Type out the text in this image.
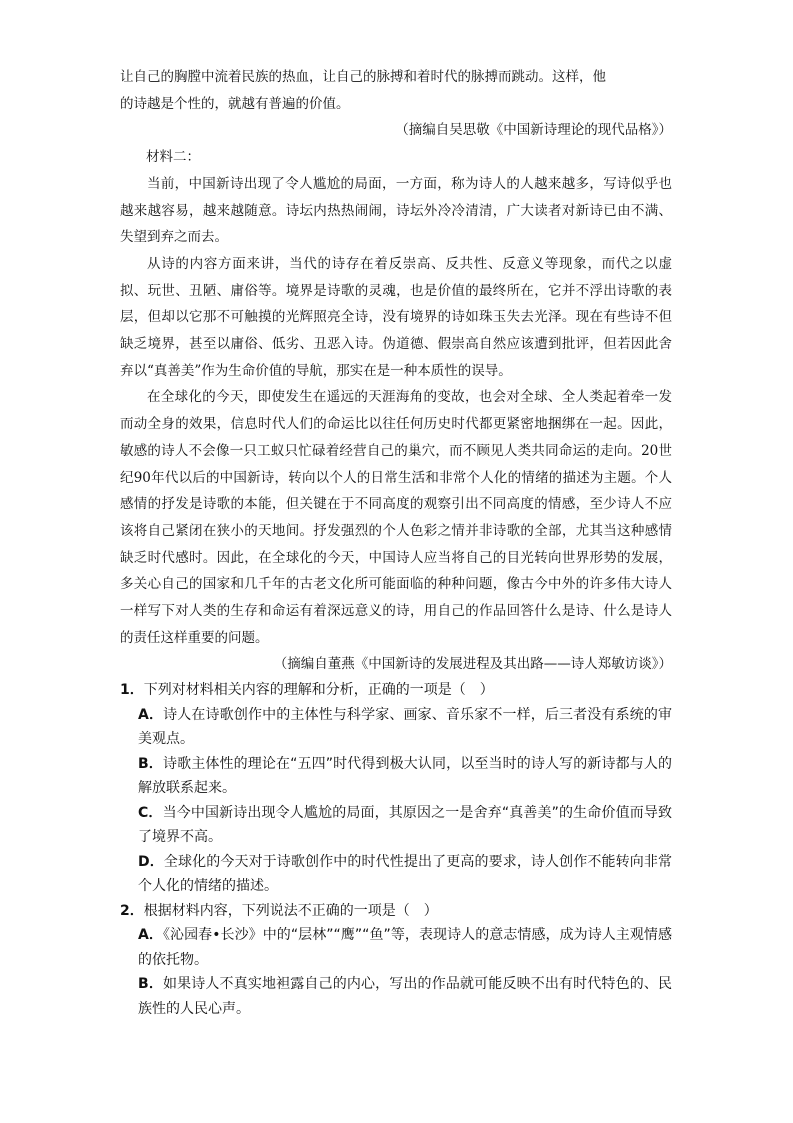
让自己的胸膛中流着民族的热血，让自己的脉搏和着时代的脉搏而跳动。这样，他

的诗越是个性的，就越有普遍的价值。

（摘编自吴思敬《中国新诗理论的现代品格》）

材料二：

当前，中国新诗出现了令人尴尬的局面，一方面，称为诗人的人越来越多，写诗似乎也越来越容易，越来越随意。诗坛内热热闹闹，诗坛外冷冷清清，广大读者对新诗已由不满、失望到弃之而去。

从诗的内容方面来讲，当代的诗存在着反崇高、反共性、反意义等现象，而代之以虚拟、玩世、丑陋、庸俗等。境界是诗歌的灵魂，也是价值的最终所在，它并不浮出诗歌的表层，但却以它那不可触摸的光辉照亮全诗，没有境界的诗如珠玉失去光泽。现在有些诗不但缺乏境界，甚至以庸俗、低劣、丑恶入诗。伪道德、假崇高自然应该遭到批评，但若因此舍弃以“真善美”作为生命价值的导航，那实在是一种本质性的误导。

在全球化的今天，即使发生在遥远的天涯海角的变故，也会对全球、全人类起着牵一发而动全身的效果，信息时代人们的命运比以往任何历史时代都更紧密地捆绑在一起。因此，敏感的诗人不会像一只工蚁只忙碌着经营自己的巢穴，而不顾见人类共同命运的走向。20世纪90年代以后的中国新诗，转向以个人的日常生活和非常个人化的情绪的描述为主题。个人感情的抒发是诗歌的本能，但关键在于不同高度的观察引出不同高度的情感，至少诗人不应该将自己紧闭在狭小的天地间。抒发强烈的个人色彩之情并非诗歌的全部，尤其当这种感情缺乏时代感时。因此，在全球化的今天，中国诗人应当将自己的目光转向世界形势的发展，多关心自己的国家和几千年的古老文化所可能面临的种种问题，像古今中外的许多伟大诗人一样写下对人类的生存和命运有着深远意义的诗，用自己的作品回答什么是诗、什么是诗人的责任这样重要的问题。

（摘编自董燕《中国新诗的发展进程及其出路——诗人郑敏访谈》）

1．下列对材料相关内容的理解和分析，正确的一项是（　）

A．诗人在诗歌创作中的主体性与科学家、画家、音乐家不一样，后三者没有系统的审美观点。

B．诗歌主体性的理论在“五四”时代得到极大认同，以至当时的诗人写的新诗都与人的解放联系起来。

C．当今中国新诗出现令人尴尬的局面，其原因之一是舍弃“真善美”的生命价值而导致了境界不高。

D．全球化的今天对于诗歌创作中的时代性提出了更高的要求，诗人创作不能转向非常个人化的情绪的描述。

2．根据材料内容，下列说法不正确的一项是（　）

A．《沁园春•长沙》中的“层林”“鹰”“鱼”等，表现诗人的意志情感，成为诗人主观情感的依托物。

B．如果诗人不真实地袒露自己的内心，写出的作品就可能反映不出有时代特色的、民族性的人民心声。
